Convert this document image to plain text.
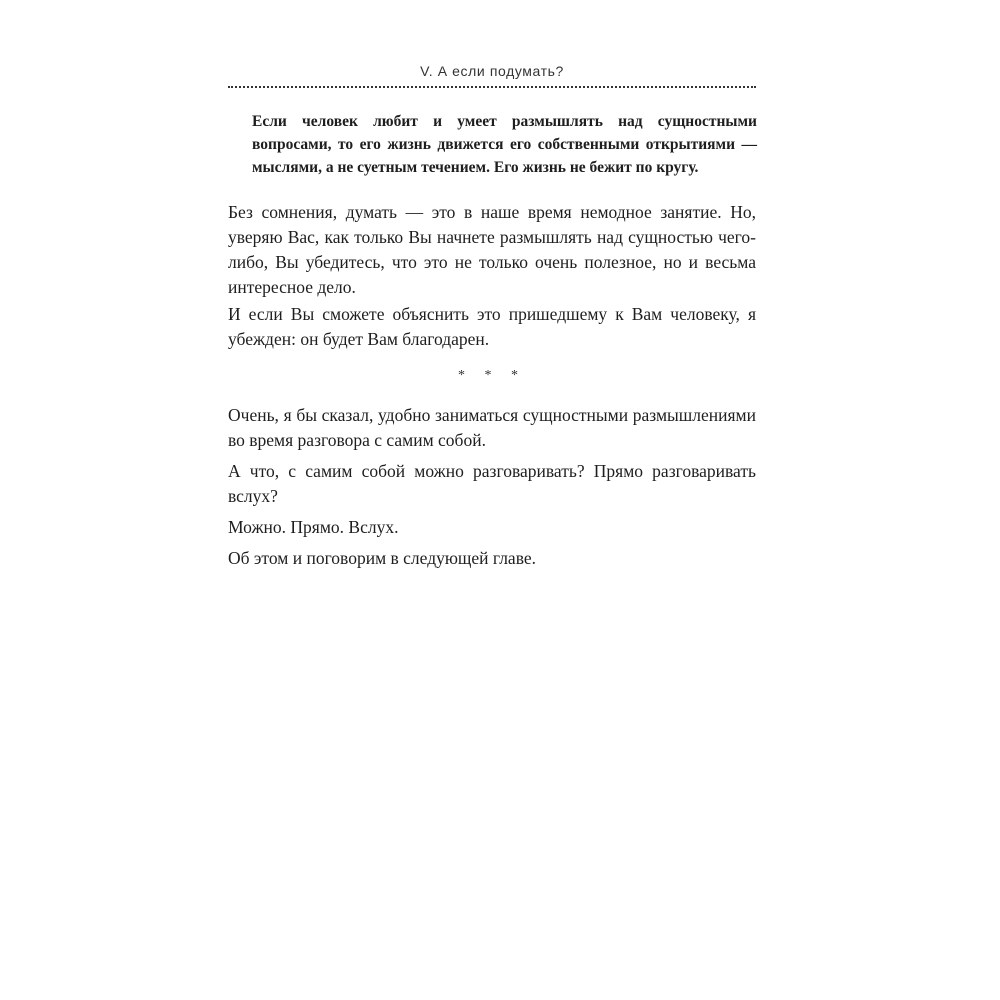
V. А если подумать?

Если человек любит и умеет размышлять над сущностными вопросами, то его жизнь движется его собственными открытиями — мыслями, а не суетным течением. Его жизнь не бежит по кругу.

Без сомнения, думать — это в наше время немодное занятие. Но, уверяю Вас, как только Вы начнете размышлять над сущностью чего-либо, Вы убедитесь, что это не только очень полезное, но и весьма интересное дело.

И если Вы сможете объяснить это пришедшему к Вам человеку, я убежден: он будет Вам благодарен.

* * *

Очень, я бы сказал, удобно заниматься сущностными размышлениями во время разговора с самим собой.

А что, с самим собой можно разговаривать? Прямо разговаривать вслух?

Можно. Прямо. Вслух.

Об этом и поговорим в следующей главе.
